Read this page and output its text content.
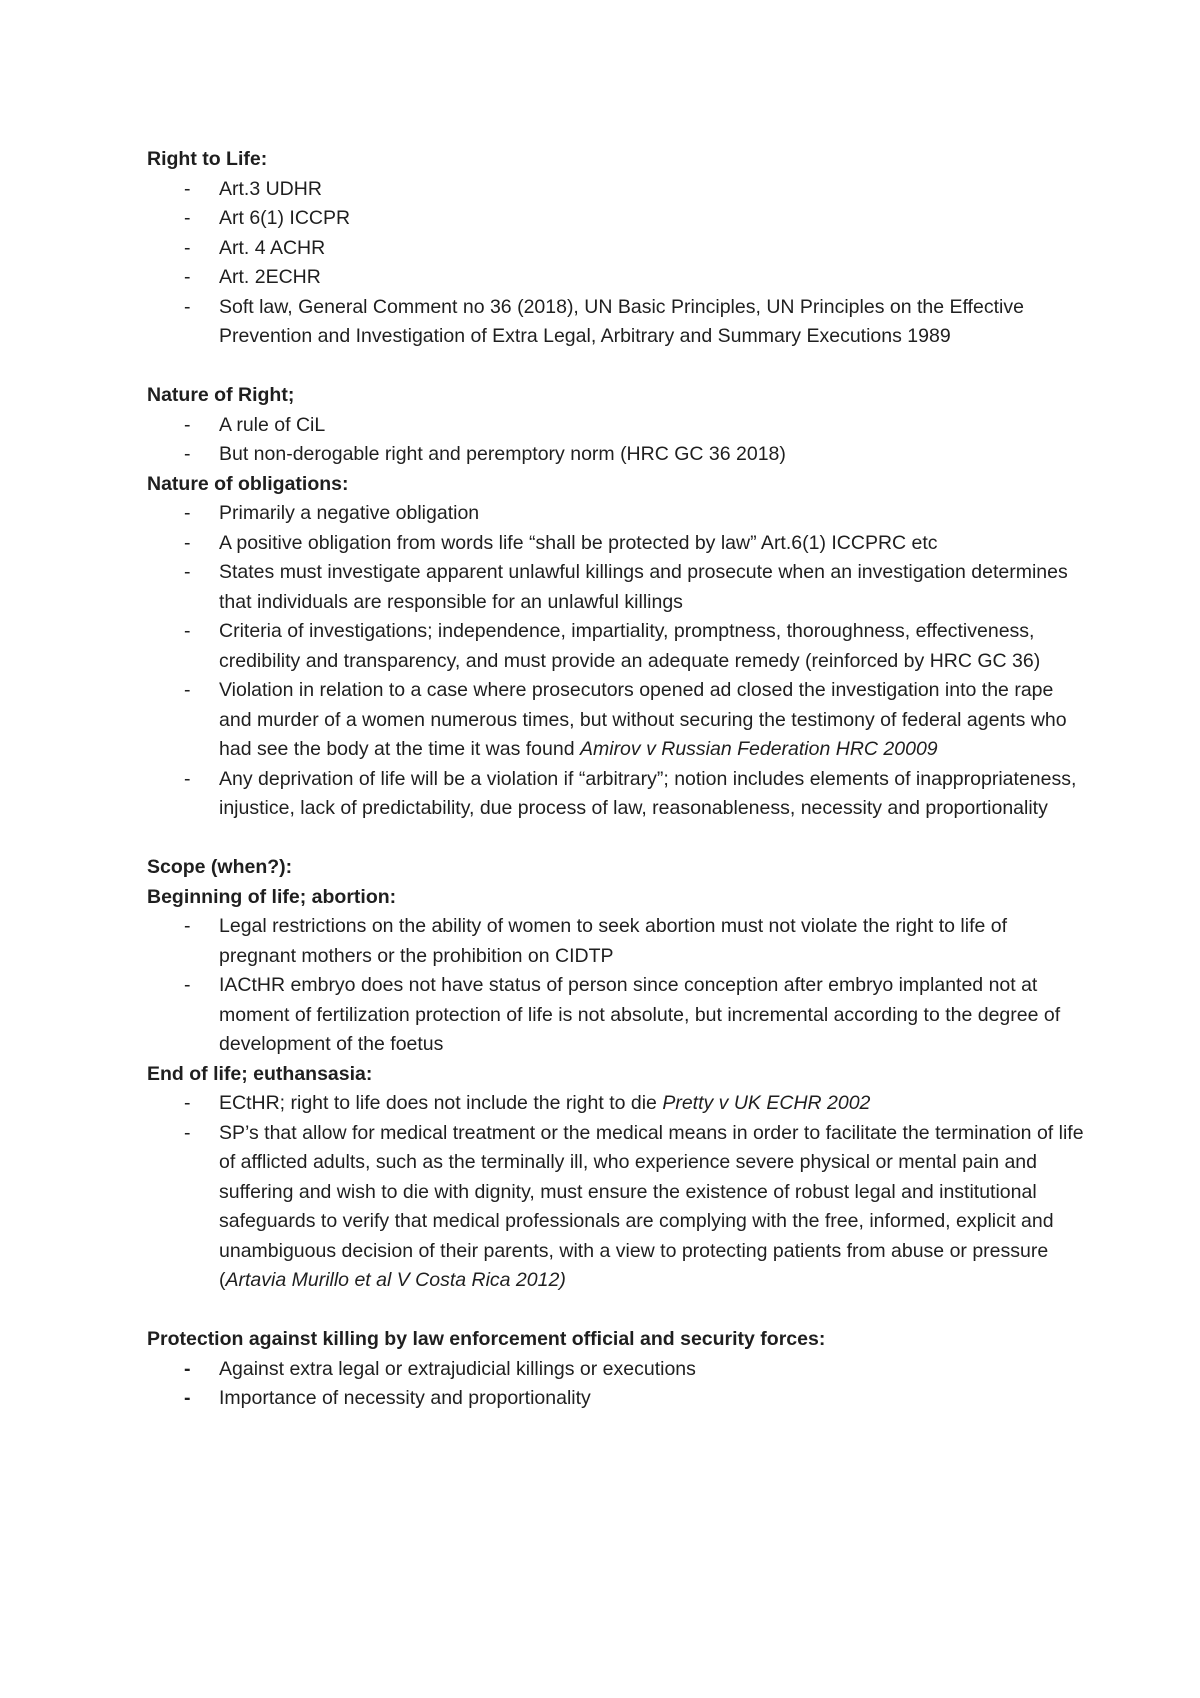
Right to Life:
- Art.3 UDHR
- Art 6(1) ICCPR
- Art. 4 ACHR
- Art. 2ECHR
- Soft law, General Comment no 36 (2018), UN Basic Principles, UN Principles on the Effective Prevention and Investigation of Extra Legal, Arbitrary and Summary Executions 1989
Nature of Right;
- A rule of CiL
- But non-derogable right and peremptory norm (HRC GC 36 2018)
Nature of obligations:
- Primarily a negative obligation
- A positive obligation from words life “shall be protected by law” Art.6(1) ICCPRC etc
- States must investigate apparent unlawful killings and prosecute when an investigation determines that individuals are responsible for an unlawful killings
- Criteria of investigations; independence, impartiality, promptness, thoroughness, effectiveness, credibility and transparency, and must provide an adequate remedy (reinforced by HRC GC 36)
- Violation in relation to a case where prosecutors opened ad closed the investigation into the rape and murder of a women numerous times, but without securing the testimony of federal agents who had see the body at the time it was found Amirov v Russian Federation HRC 20009
- Any deprivation of life will be a violation if “arbitrary”; notion includes elements of inappropriateness, injustice, lack of predictability, due process of law, reasonableness, necessity and proportionality
Scope (when?):
Beginning of life; abortion:
- Legal restrictions on the ability of women to seek abortion must not violate the right to life of pregnant mothers or the prohibition on CIDTP
- IACtHR embryo does not have status of person since conception after embryo implanted not at moment of fertilization protection of life is not absolute, but incremental according to the degree of development of the foetus
End of life; euthansasia:
- ECtHR; right to life does not include the right to die Pretty v UK ECHR 2002
- SP’s that allow for medical treatment or the medical means in order to facilitate the termination of life of afflicted adults, such as the terminally ill, who experience severe physical or mental pain and suffering and wish to die with dignity, must ensure the existence of robust legal and institutional safeguards to verify that medical professionals are complying with the free, informed, explicit and unambiguous decision of their parents, with a view to protecting patients from abuse or pressure (Artavia Murillo et al V Costa Rica 2012)
Protection against killing by law enforcement official and security forces:
- Against extra legal or extrajudicial killings or executions
- Importance of necessity and proportionality
